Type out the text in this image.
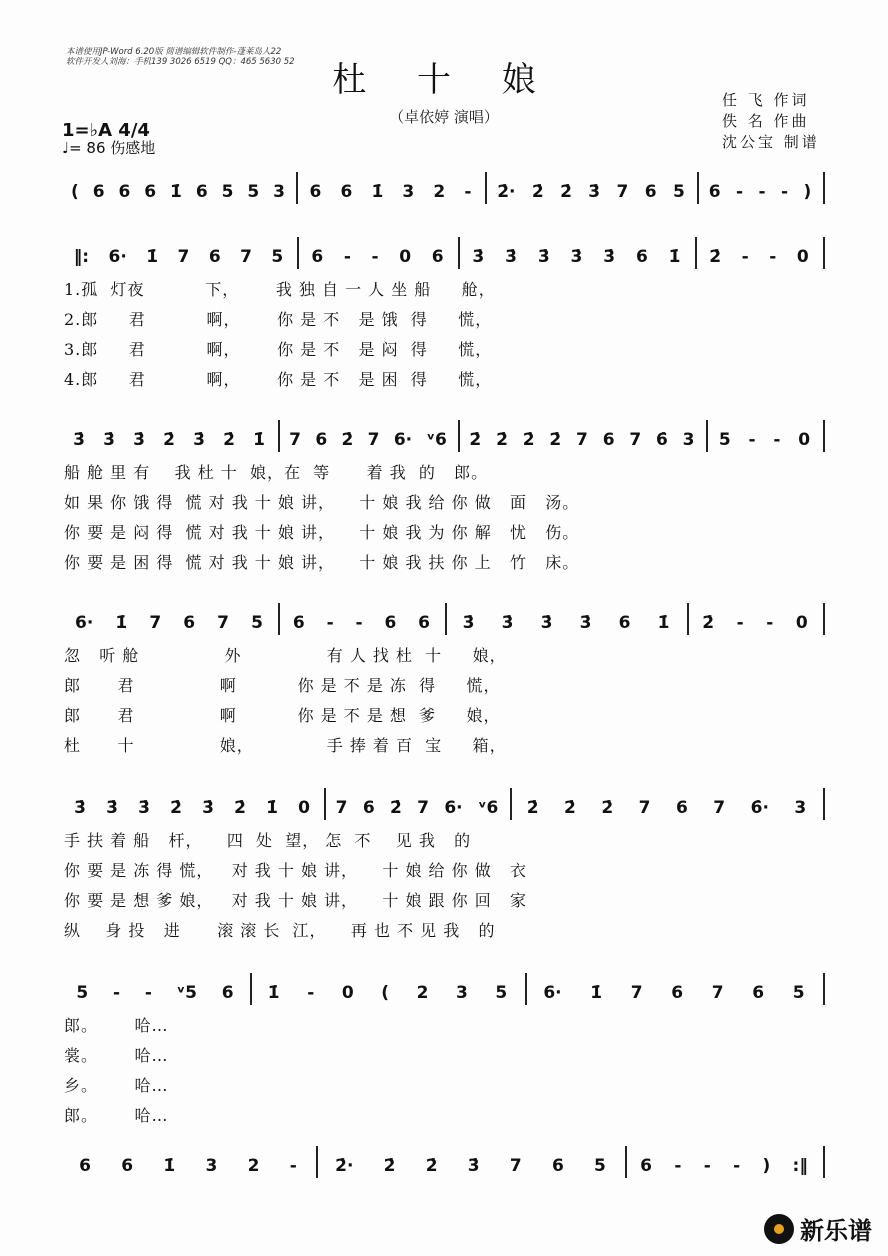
本谱使用JP-Word 6.20版 简谱编辑软件制作-蓬莱岛人22
软件开发人刘海：手机139 3026 6519 QQ：465 5630 52	杜 十 娘
（卓依婷 演唱）
1=♭A 4/4
♩= 86 伤感地
任 飞 作词
佚 名 作曲
沈公宝 制谱
( 6 6 6 1̇ 6 5 5 3 6 6 1̇ 3 2 - 2̇· 2̇ 2̇ 3̇ 7 6 5 6 - - - )
‖: 6· 1̇ 7 6 7 5 6 - - 0 6 3̇ 3̇ 3̇ 3̇ 3̇ 6 1̇ 2̇ - - 0
3̇ 3̇ 3̇ 2̇ 3̇ 2̇ 1̇ 7 6 2̇ 7 6· ᵛ6 2̇ 2̇ 2̇ 2̇ 7 6 7 6̇ 3 5 - - 0
6· 1̇ 7 6 7 5 6 - - 6 6 3̇ 3̇ 3̇ 3̇ 6 1̇ 2̇ - - 0
3̇ 3̇ 3̇ 2̇ 3̇ 2̇ 1̇ 0 7 6 2̇ 7 6· ᵛ6 2̇ 2̇ 2̇ 7 6 7 6̇· 3
5 - - ᵛ5 6 1̇ - 0 ( 2 3 5 6· 1̇ 7 6 7 6 5
6 6 1̇ 3 2 - 2̇· 2̇ 2̇ 3̇ 7 6 5 6 - - - ) :‖
新乐谱
1.孤  灯夜          下，      我 独 自 一 人 坐 船     舱，
2.郎     君          啊，      你 是 不   是 饿  得     慌，
3.郎     君          啊，      你 是 不   是 闷  得     慌，
4.郎     君          啊，      你 是 不   是 困  得     慌，
船 舱 里 有    我 杜 十  娘，在  等      着 我  的   郎。
如 果 你 饿 得  慌 对 我 十 娘 讲，    十 娘 我 给 你 做   面   汤。
你 要 是 闷 得  慌 对 我 十 娘 讲，    十 娘 我 为 你 解   忧   伤。
你 要 是 困 得  慌 对 我 十 娘 讲，    十 娘 我 扶 你 上   竹   床。
忽   听 舱              外              有 人 找 杜  十     娘，
郎      君              啊          你 是 不 是 冻  得     慌，
郎      君              啊          你 是 不 是 想  爹     娘，
杜      十              娘，            手 捧 着 百  宝     箱，
手 扶 着 船   杆，    四  处  望， 怎  不    见 我   的
你 要 是 冻 得 慌，   对 我 十 娘 讲，    十 娘 给 你 做   衣
你 要 是 想 爹 娘，   对 我 十 娘 讲，    十 娘 跟 你 回   家
纵    身 投   进      滚 滚 长  江，    再 也 不 见 我   的
郎。      哈…
裳。      哈…
乡。      哈…
郎。      哈…
